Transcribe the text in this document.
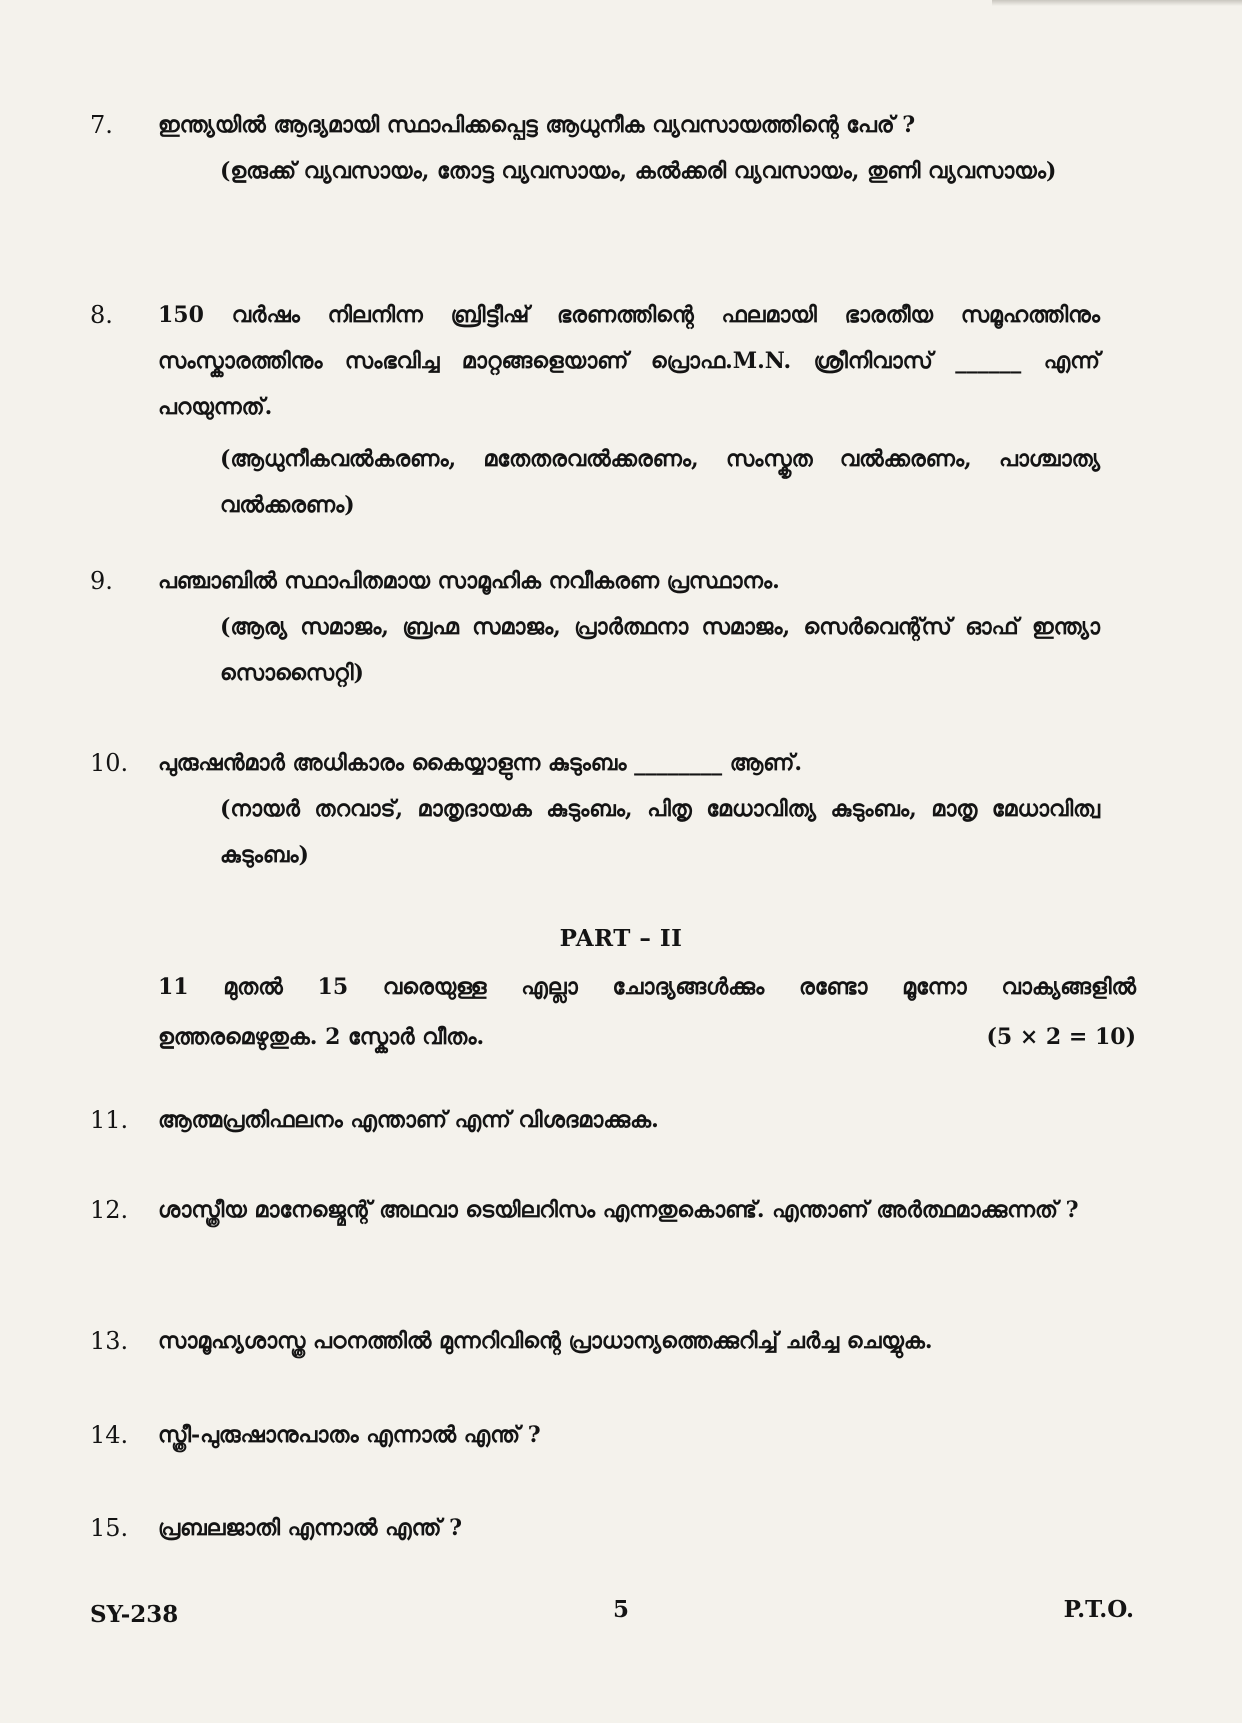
7. ഇന്ത്യയിൽ ആദ്യമായി സ്ഥാപിക്കപ്പെട്ട ആധുനീക വ്യവസായത്തിന്റെ പേര് ?
(ഉരുക്ക് വ്യവസായം, തോട്ട വ്യവസായം, കൽക്കരി വ്യവസായം, തുണി വ്യവസായം)
8. 150 വർഷം നിലനിന്ന ബ്രിട്ടീഷ് ഭരണത്തിന്റെ ഫലമായി ഭാരതീയ സമൂഹത്തിനും സംസ്കാരത്തിനും സംഭവിച്ച മാറ്റങ്ങളെയാണ് പ്രൊഫ.M.N. ശ്രീനിവാസ് ______ എന്ന് പറയുന്നത്.
(ആധുനീകവൽകരണം, മതേതരവൽക്കരണം, സംസ്കൃത വൽക്കരണം, പാശ്ചാത്യ വൽക്കരണം)
9. പഞ്ചാബിൽ സ്ഥാപിതമായ സാമൂഹിക നവീകരണ പ്രസ്ഥാനം.
(ആര്യ സമാജം, ബ്രഹ്മ സമാജം, പ്രാർത്ഥനാ സമാജം, സെർവെന്റ്സ് ഓഫ് ഇന്ത്യാ സൊസൈറ്റി)
10. പുരുഷൻമാർ അധികാരം കൈയ്യാളുന്ന കുടുംബം ________ ആണ്.
(നായർ തറവാട്, മാതൃദായക കുടുംബം, പിതൃ മേധാവിത്യ കുടുംബം, മാതൃ മേധാവിത്വ കുടുംബം)
PART – II
11 മുതൽ 15 വരെയുള്ള എല്ലാ ചോദ്യങ്ങൾക്കും രണ്ടോ മൂന്നോ വാക്യങ്ങളിൽ
ഉത്തരമെഴുതുക. 2 സ്കോർ വീതം.	(5 × 2 = 10)
11. ആത്മപ്രതിഫലനം എന്താണ് എന്ന് വിശദമാക്കുക.
12. ശാസ്ത്രീയ മാനേജ്മെന്റ് അഥവാ ടെയിലറിസം എന്നതുകൊണ്ട്. എന്താണ് അർത്ഥമാക്കുന്നത് ?
13. സാമൂഹ്യശാസ്ത്ര പഠനത്തിൽ മുന്നറിവിന്റെ പ്രാധാന്യത്തെക്കുറിച്ച് ചർച്ച ചെയ്യുക.
14. സ്ത്രീ-പുരുഷാനുപാതം എന്നാൽ എന്ത് ?
15. പ്രബലജാതി എന്നാൽ എന്ത് ?
SY-238	5	P.T.O.
